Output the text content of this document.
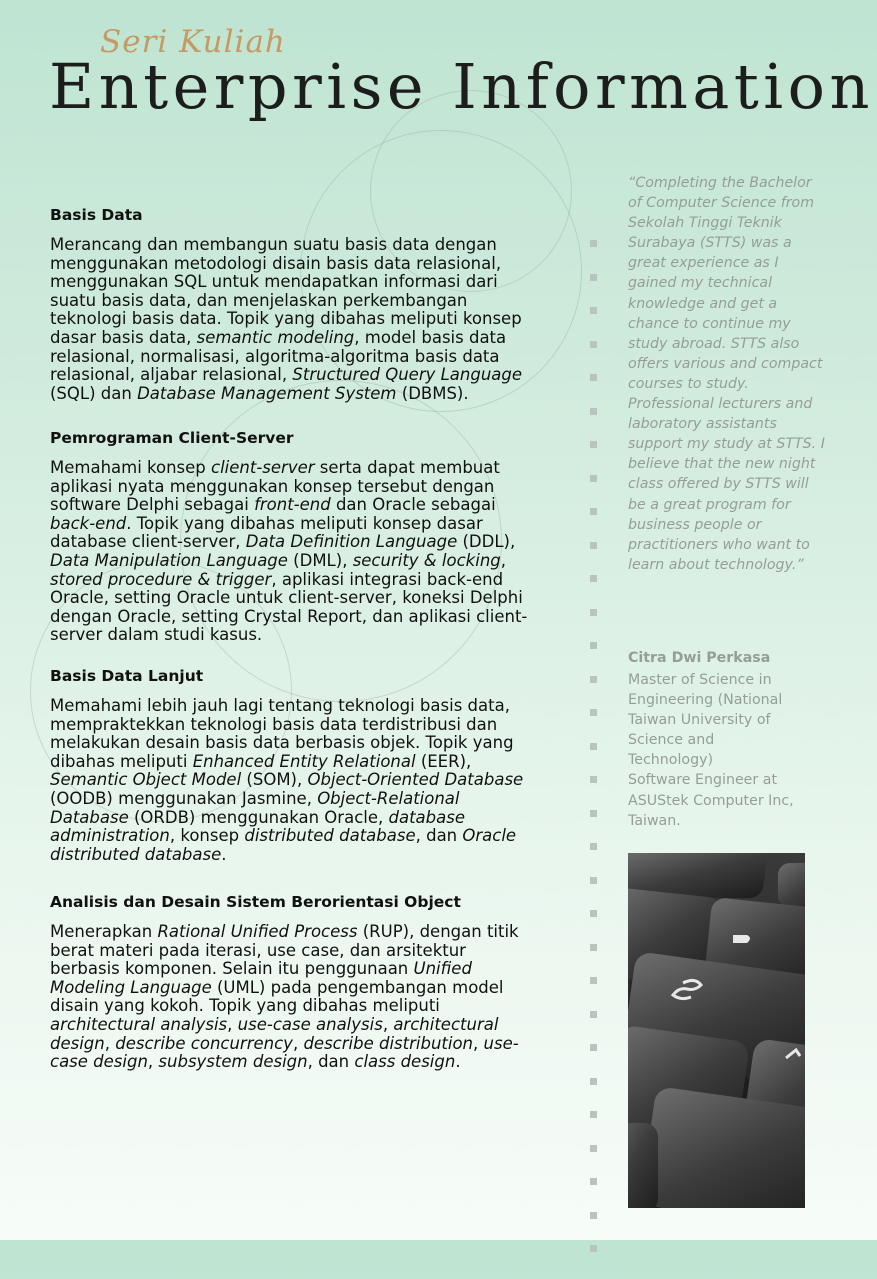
Seri Kuliah
Enterprise Information
Basis Data

Merancang dan membangun suatu basis data dengan menggunakan metodologi disain basis data relasional, menggunakan SQL untuk mendapatkan informasi dari suatu basis data, dan menjelaskan perkembangan teknologi basis data. Topik yang dibahas meliputi konsep dasar basis data, semantic modeling, model basis data relasional, normalisasi, algoritma-algoritma basis data relasional, aljabar relasional, Structured Query Language (SQL) dan Database Management System (DBMS).

Pemrograman Client-Server

Memahami konsep client-server serta dapat membuat aplikasi nyata menggunakan konsep tersebut dengan software Delphi sebagai front-end dan Oracle sebagai back-end. Topik yang dibahas meliputi konsep dasar database client-server, Data Definition Language (DDL), Data Manipulation Language (DML), security & locking, stored procedure & trigger, aplikasi integrasi back-end Oracle, setting Oracle untuk client-server, koneksi Delphi dengan Oracle, setting Crystal Report, dan aplikasi client-server dalam studi kasus.

Basis Data Lanjut

Memahami lebih jauh lagi tentang teknologi basis data, mempraktekkan teknologi basis data terdistribusi dan melakukan desain basis data berbasis objek. Topik yang dibahas meliputi Enhanced Entity Relational (EER), Semantic Object Model (SOM), Object-Oriented Database (OODB) menggunakan Jasmine, Object-Relational Database (ORDB) menggunakan Oracle, database administration, konsep distributed database, dan Oracle distributed database.

Analisis dan Desain Sistem Berorientasi Object

Menerapkan Rational Unified Process (RUP), dengan titik berat materi pada iterasi, use case, dan arsitektur berbasis komponen. Selain itu penggunaan Unified Modeling Language (UML) pada pengembangan model disain yang kokoh. Topik yang dibahas meliputi architectural analysis, use-case analysis, architectural design, describe concurrency, describe distribution, use-case design, subsystem design, dan class design.

“Completing the Bachelor of Computer Science from Sekolah Tinggi Teknik Surabaya (STTS) was a great experience as I gained my technical knowledge and get a chance to continue my study abroad. STTS also offers various and compact courses to study. Professional lecturers and laboratory assistants support my study at STTS. I believe that the new night class offered by STTS will be a great program for business people or practitioners who want to learn about technology.”
Citra Dwi Perkasa
Master of Science in
Engineering (National
Taiwan University of
Science and
Technology)
Software Engineer at
ASUStek Computer Inc,
Taiwan.
